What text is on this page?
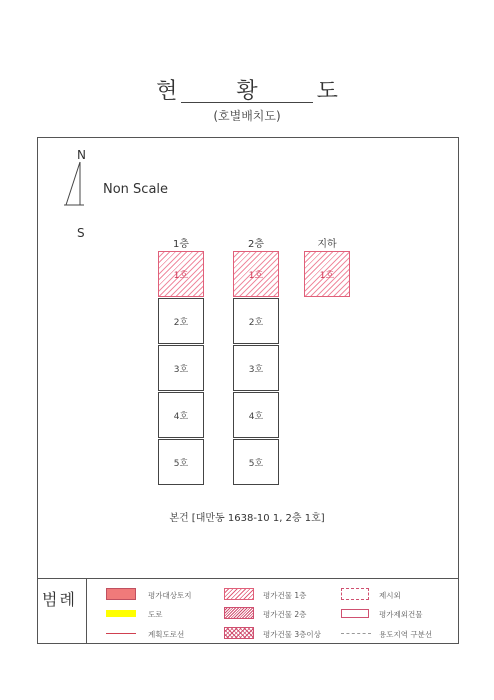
현 황 도
(호별배치도)
N
S
Non Scale
1층
1호
2호
3호
4호
5호
2층
1호
2호
3호
4호
5호
지하
1호
본건 [대만동 1638-10 1, 2층 1호]
범례	평가대상토지	평가건물 1층	제시외
도로	평가건물 2층	평가제외건물
계획도로선	평가건물 3층이상	용도지역 구분선
